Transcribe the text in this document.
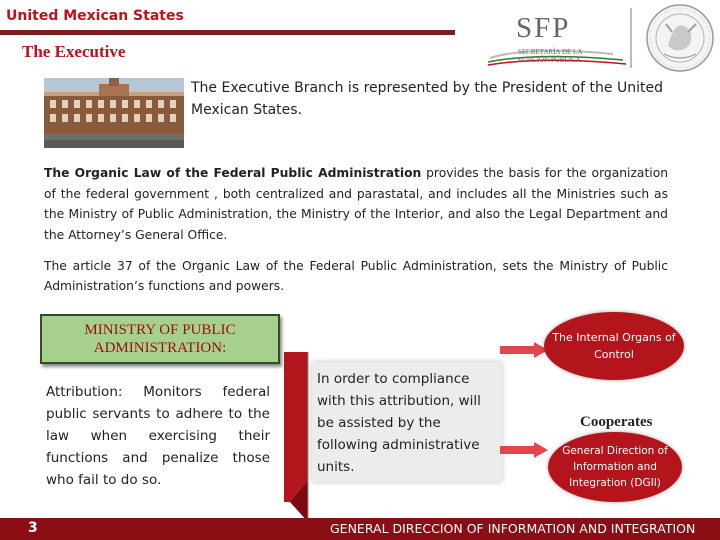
United Mexican States
The Executive
SFP
SECRETARÍA DE LA FUNCIÓN PÚBLICA
The Executive Branch is represented by the President of the United Mexican States.
The Organic Law of the Federal Public Administration provides the basis for the organization of the federal government , both centralized and parastatal, and includes all the Ministries such as the Ministry of Public Administration, the Ministry of the Interior, and also the Legal Department and the Attorney’s General Office.
The article 37 of the Organic Law of the Federal Public Administration, sets the Ministry of Public Administration’s functions and powers.
MINISTRY OF PUBLIC ADMINISTRATION:
Attribution: Monitors federal public servants to adhere to the law when exercising their functions and penalize those who fail to do so.
In order to compliance with this attribution, will be assisted by the following administrative units.
The Internal Organs of Control
Cooperates
General Direction of Information and Integration (DGII)
3	GENERAL DIRECCION OF INFORMATION AND INTEGRATION
